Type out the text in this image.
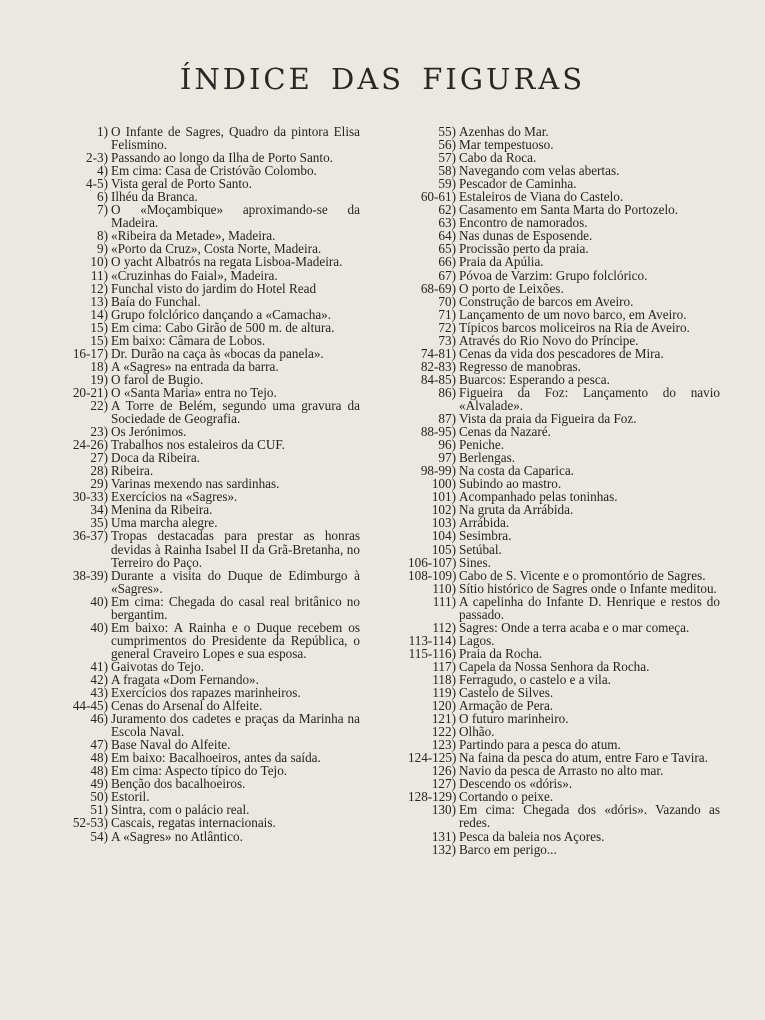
ÍNDICE DAS FIGURAS
1) O Infante de Sagres, Quadro da pintora Elisa Felismino.
2-3) Passando ao longo da Ilha de Porto Santo.
4) Em cima: Casa de Cristóvão Colombo.
4-5) Vista geral de Porto Santo.
6) Ilhéu da Branca.
7) O «Moçambique» aproximando-se da Madeira.
8) «Ribeira da Metade», Madeira.
9) «Porto da Cruz», Costa Norte, Madeira.
10) O yacht Albatrós na regata Lisboa-Madeira.
11) «Cruzinhas do Faial», Madeira.
12) Funchal visto do jardim do Hotel Read
13) Baía do Funchal.
14) Grupo folclórico dançando a «Camacha».
15) Em cima: Cabo Girão de 500 m. de altura.
15) Em baixo: Câmara de Lobos.
16-17) Dr. Durão na caça às «bocas da panela».
18) A «Sagres» na entrada da barra.
19) O farol de Bugio.
20-21) O «Santa Maria» entra no Tejo.
22) A Torre de Belém, segundo uma gravura da Sociedade de Geografia.
23) Os Jerónimos.
24-26) Trabalhos nos estaleiros da CUF.
27) Doca da Ribeira.
28) Ribeira.
29) Varinas mexendo nas sardinhas.
30-33) Exercícios na «Sagres».
34) Menina da Ribeira.
35) Uma marcha alegre.
36-37) Tropas destacadas para prestar as honras devidas à Rainha Isabel II da Grã-Bretanha, no Terreiro do Paço.
38-39) Durante a visita do Duque de Edimburgo à «Sagres».
40) Em cima: Chegada do casal real britânico no bergantim.
40) Em baixo: A Rainha e o Duque recebem os cumprimentos do Presidente da República, o general Craveiro Lopes e sua esposa.
41) Gaivotas do Tejo.
42) A fragata «Dom Fernando».
43) Exercícios dos rapazes marinheiros.
44-45) Cenas do Arsenal do Alfeite.
46) Juramento dos cadetes e praças da Marinha na Escola Naval.
47) Base Naval do Alfeite.
48) Em baixo: Bacalhoeiros, antes da saída.
48) Em cima: Aspecto típico do Tejo.
49) Benção dos bacalhoeiros.
50) Estoril.
51) Sintra, com o palácio real.
52-53) Cascais, regatas internacionais.
54) A «Sagres» no Atlântico.
55) Azenhas do Mar.
56) Mar tempestuoso.
57) Cabo da Roca.
58) Navegando com velas abertas.
59) Pescador de Caminha.
60-61) Estaleiros de Viana do Castelo.
62) Casamento em Santa Marta do Portozelo.
63) Encontro de namorados.
64) Nas dunas de Esposende.
65) Procissão perto da praia.
66) Praia da Apúlia.
67) Póvoa de Varzim: Grupo folclórico.
68-69) O porto de Leixões.
70) Construção de barcos em Aveiro.
71) Lançamento de um novo barco, em Aveiro.
72) Típicos barcos moliceiros na Ria de Aveiro.
73) Através do Rio Novo do Príncipe.
74-81) Cenas da vida dos pescadores de Mira.
82-83) Regresso de manobras.
84-85) Buarcos: Esperando a pesca.
86) Figueira da Foz: Lançamento do navio «Alvalade».
87) Vista da praia da Figueira da Foz.
88-95) Cenas da Nazaré.
96) Peniche.
97) Berlengas.
98-99) Na costa da Caparica.
100) Subindo ao mastro.
101) Acompanhado pelas toninhas.
102) Na gruta da Arrábida.
103) Arrábida.
104) Sesimbra.
105) Setúbal.
106-107) Sines.
108-109) Cabo de S. Vicente e o promontório de Sagres.
110) Sítio histórico de Sagres onde o Infante meditou.
111) A capelinha do Infante D. Henrique e restos do passado.
112) Sagres: Onde a terra acaba e o mar começa.
113-114) Lagos.
115-116) Praia da Rocha.
117) Capela da Nossa Senhora da Rocha.
118) Ferragudo, o castelo e a vila.
119) Castelo de Silves.
120) Armação de Pera.
121) O futuro marinheiro.
122) Olhão.
123) Partindo para a pesca do atum.
124-125) Na faina da pesca do atum, entre Faro e Tavira.
126) Navio da pesca de Arrasto no alto mar.
127) Descendo os «dóris».
128-129) Cortando o peixe.
130) Em cima: Chegada dos «dóris». Vazando as redes.
131) Pesca da baleia nos Açores.
132) Barco em perigo...
